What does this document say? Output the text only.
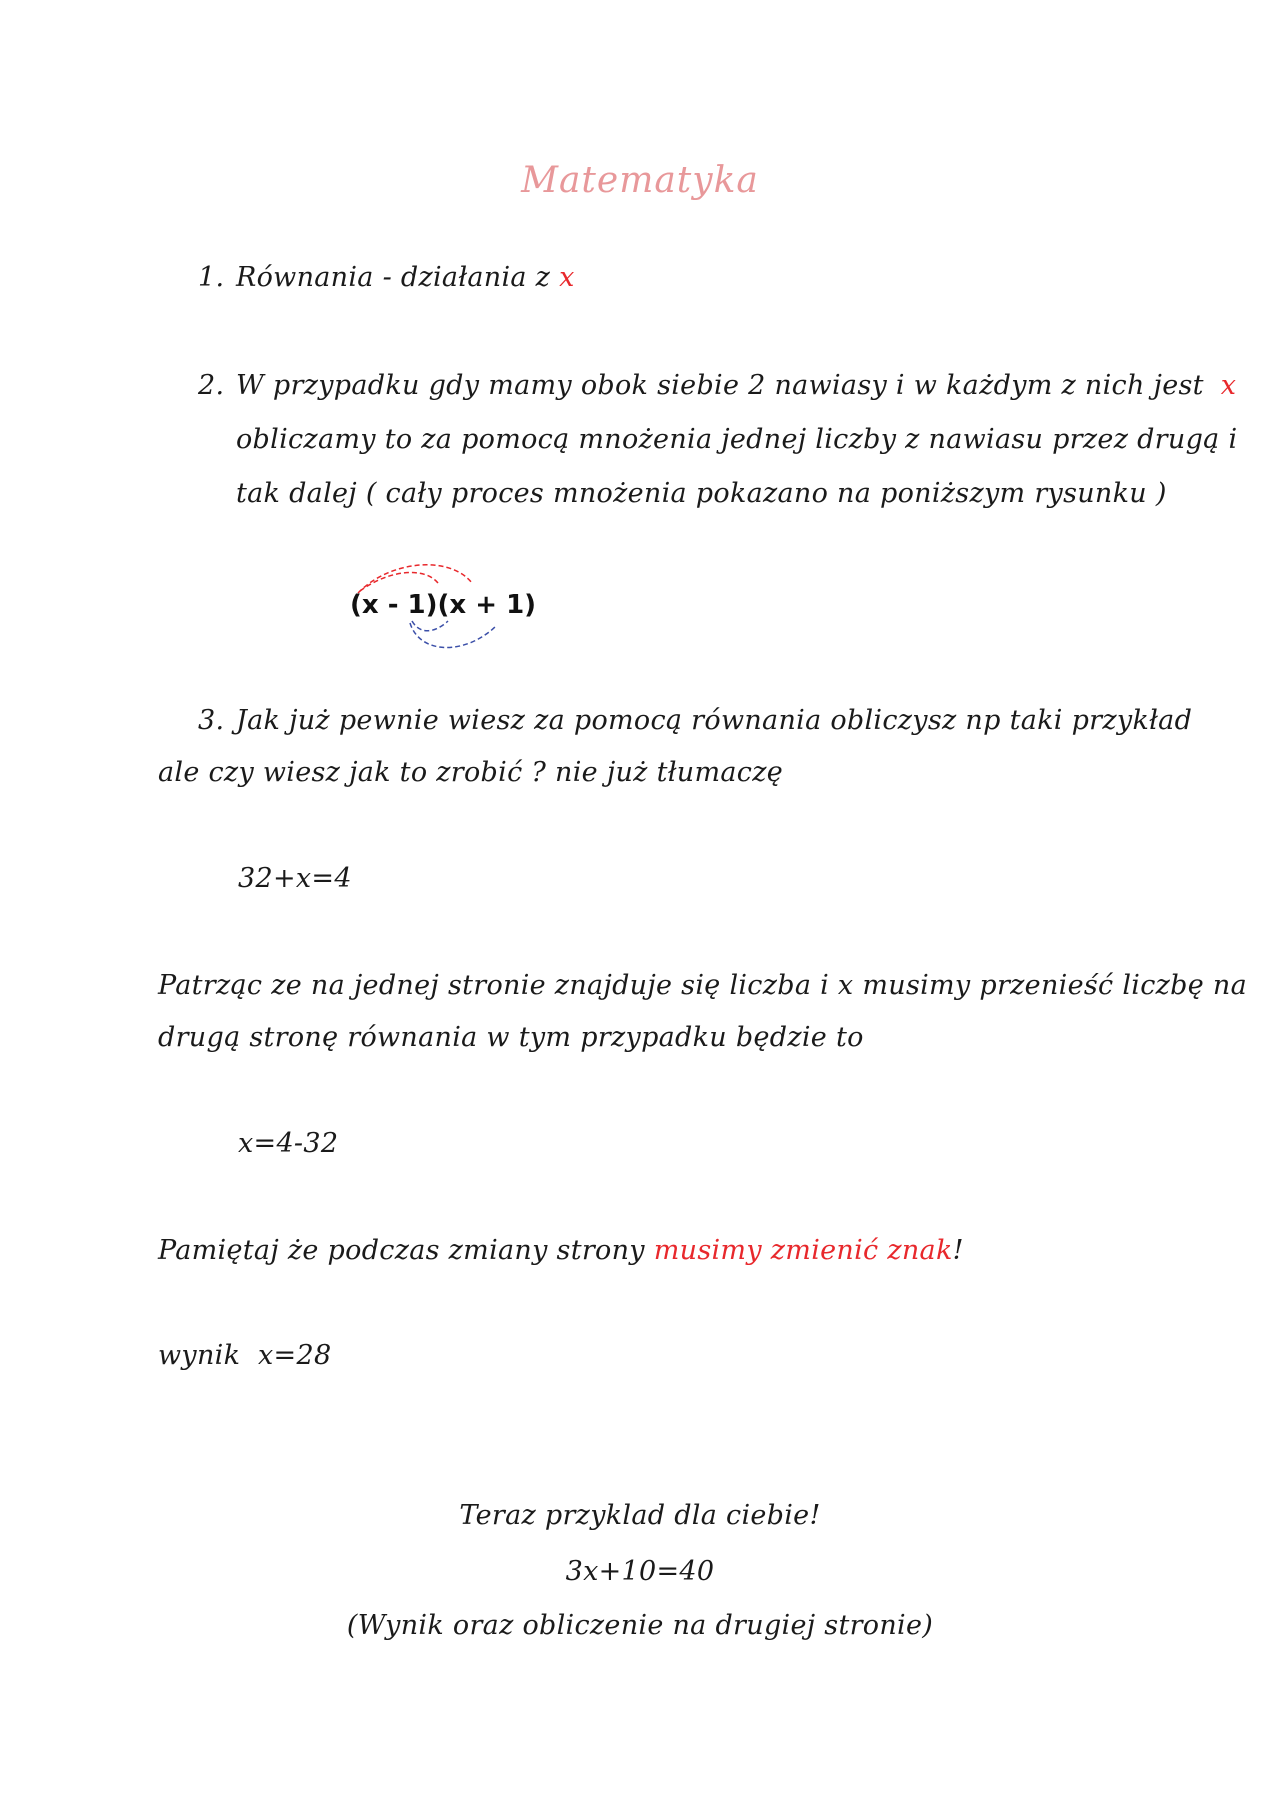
Matematyka
1. Równania - działania z x
2. W przypadku gdy mamy obok siebie 2 nawiasy i w każdym z nich jest x
obliczamy to za pomocą mnożenia jednej liczby z nawiasu przez drugą i
tak dalej ( cały proces mnożenia pokazano na poniższym rysunku )
(x - 1)(x + 1)
3. Jak już pewnie wiesz za pomocą równania obliczysz np taki przykład
ale czy wiesz jak to zrobić ? nie już tłumaczę
32+x=4
Patrząc ze na jednej stronie znajduje się liczba i x musimy przenieść liczbę na
drugą stronę równania w tym przypadku będzie to
x=4-32
Pamiętaj że podczas zmiany strony musimy zmienić znak!
wynik  x=28
Teraz przyklad dla ciebie!
3x+10=40
(Wynik oraz obliczenie na drugiej stronie)
